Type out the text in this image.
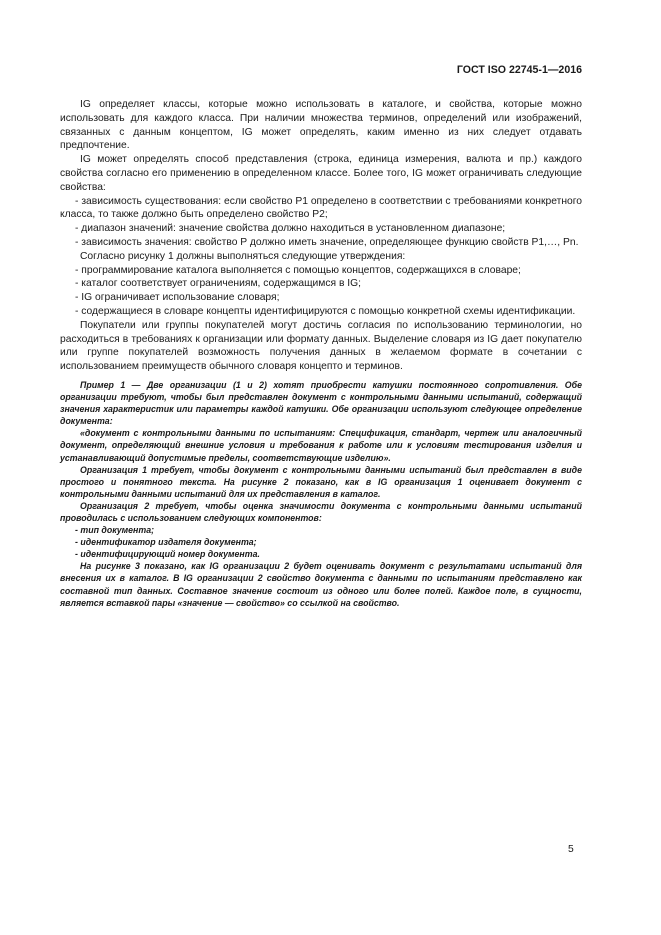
ГОСТ ISO 22745-1—2016

IG определяет классы, которые можно использовать в каталоге, и свойства, которые можно использовать для каждого класса. При наличии множества терминов, определений или изображений, связанных с данным концептом, IG может определять, каким именно из них следует отдавать предпочтение.

IG может определять способ представления (строка, единица измерения, валюта и пр.) каждого свойства согласно его применению в определенном классе. Более того, IG может ограничивать следующие свойства:

- зависимость существования: если свойство P1 определено в соответствии с требованиями конкретного класса, то также должно быть определено свойство P2;

- диапазон значений: значение свойства должно находиться в установленном диапазоне;

- зависимость значения: свойство P должно иметь значение, определяющее функцию свойств P1,…, Pn.

Согласно рисунку 1 должны выполняться следующие утверждения:

- программирование каталога выполняется с помощью концептов, содержащихся в словаре;

- каталог соответствует ограничениям, содержащимся в IG;

- IG ограничивает использование словаря;

- содержащиеся в словаре концепты идентифицируются с помощью конкретной схемы идентификации.

Покупатели или группы покупателей могут достичь согласия по использованию терминологии, но расходиться в требованиях к организации или формату данных. Выделение словаря из IG дает покупателю или группе покупателей возможность получения данных в желаемом формате в сочетании с использованием преимуществ обычного словаря концепто и терминов.

Пример 1 — Две организации (1 и 2) хотят приобрести катушки постоянного сопротивления. Обе организации требуют, чтобы был представлен документ с контрольными данными испытаний, содержащий значения характеристик или параметры каждой катушки. Обе организации используют следующее определение документа:

«документ с контрольными данными по испытаниям: Спецификация, стандарт, чертеж или аналогичный документ, определяющий внешние условия и требования к работе или к условиям тестирования изделия и устанавливающий допустимые пределы, соответствующие изделию».

Организация 1 требует, чтобы документ с контрольными данными испытаний был представлен в виде простого и понятного текста. На рисунке 2 показано, как в IG организация 1 оценивает документ с контрольными данными испытаний для их представления в каталог.

Организация 2 требует, чтобы оценка значимости документа с контрольными данными испытаний проводилась с использованием следующих компонентов:

- тип документа;

- идентификатор издателя документа;

- идентифицирующий номер документа.

На рисунке 3 показано, как IG организации 2 будет оценивать документ с результатами испытаний для внесения их в каталог. В IG организации 2 свойство документа с данными по испытаниям представлено как составной тип данных. Составное значение состоит из одного или более полей. Каждое поле, в сущности, является вставкой пары «значение — свойство» со ссылкой на свойство.

5
